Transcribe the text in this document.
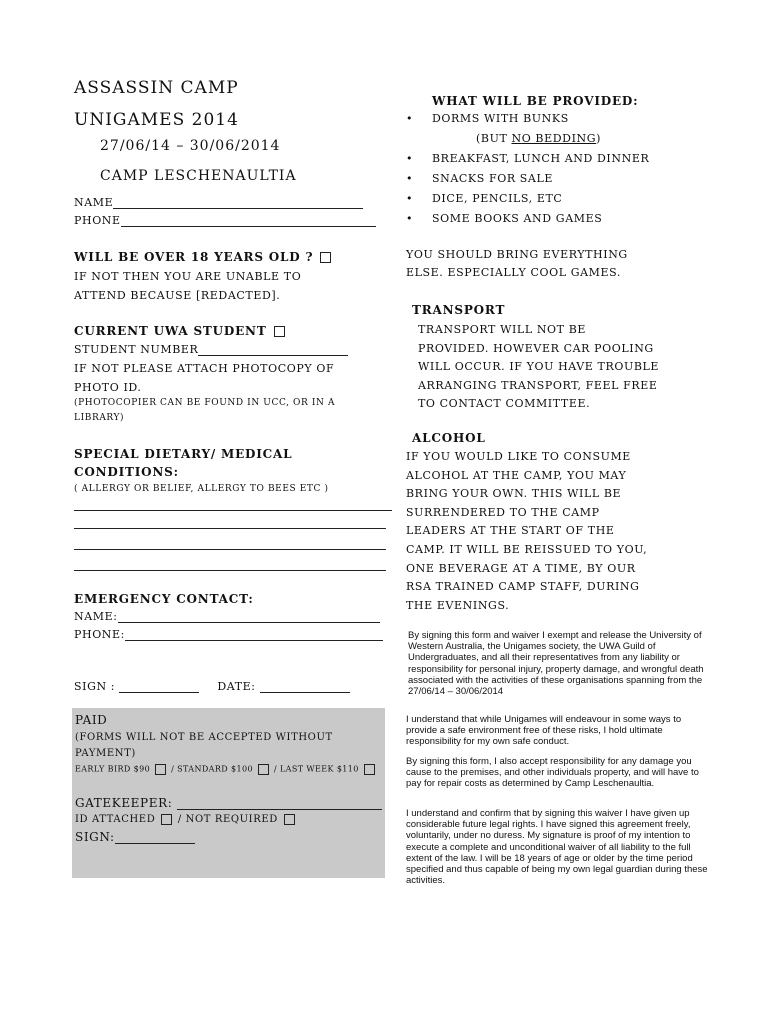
ASSASSIN CAMP
UNIGAMES 2014
27/06/14 – 30/06/2014
CAMP LESCHENAULTIA
NAME
PHONE
WILL BE OVER 18 YEARS OLD ?
IF NOT THEN YOU ARE UNABLE TO
ATTEND BECAUSE [REDACTED].
CURRENT UWA STUDENT
STUDENT NUMBER
IF NOT PLEASE ATTACH PHOTOCOPY OF
PHOTO ID.
(PHOTOCOPIER CAN BE FOUND IN UCC, OR IN A
LIBRARY)
SPECIAL DIETARY/ MEDICAL
CONDITIONS:
( ALLERGY OR BELIEF, ALLERGY TO BEES ETC )
EMERGENCY CONTACT:
NAME:
PHONE:
SIGN :	DATE:
PAID
(FORMS WILL NOT BE ACCEPTED WITHOUT
PAYMENT)
EARLY BIRD $90	/ STANDARD $100	/ LAST WEEK $110
GATEKEEPER:
ID ATTACHED / NOT REQUIRED
SIGN:
WHAT WILL BE PROVIDED:
• DORMS WITH BUNKS
(BUT NO BEDDING)
• BREAKFAST, LUNCH AND DINNER
• SNACKS FOR SALE
• DICE, PENCILS, ETC
• SOME BOOKS AND GAMES
YOU SHOULD BRING EVERYTHING
ELSE. ESPECIALLY COOL GAMES.
TRANSPORT
TRANSPORT WILL NOT BE
PROVIDED. HOWEVER CAR POOLING
WILL OCCUR. IF YOU HAVE TROUBLE
ARRANGING TRANSPORT, FEEL FREE
TO CONTACT COMMITTEE.
ALCOHOL
IF YOU WOULD LIKE TO CONSUME
ALCOHOL AT THE CAMP, YOU MAY
BRING YOUR OWN. THIS WILL BE
SURRENDERED TO THE CAMP
LEADERS AT THE START OF THE
CAMP. IT WILL BE REISSUED TO YOU,
ONE BEVERAGE AT A TIME, BY OUR
RSA TRAINED CAMP STAFF, DURING
THE EVENINGS.
By signing this form and waiver I exempt and release the University of Western Australia, the Unigames society, the UWA Guild of Undergraduates, and all their representatives from any liability or responsibility for personal injury, property damage, and wrongful death associated with the activities of these organisations spanning from the 27/06/14 – 30/06/2014
I understand that while Unigames will endeavour in some ways to provide a safe environment free of these risks, I hold ultimate responsibility for my own safe conduct.
By signing this form, I also accept responsibility for any damage you cause to the premises, and other individuals property, and will have to pay for repair costs as determined by Camp Leschenaultia.
I understand and confirm that by signing this waiver I have given up considerable future legal rights. I have signed this agreement freely, voluntarily, under no duress. My signature is proof of my intention to execute a complete and unconditional waiver of all liability to the full extent of the law. I will be 18 years of age or older by the time period specified and thus capable of being my own legal guardian during these activities.
